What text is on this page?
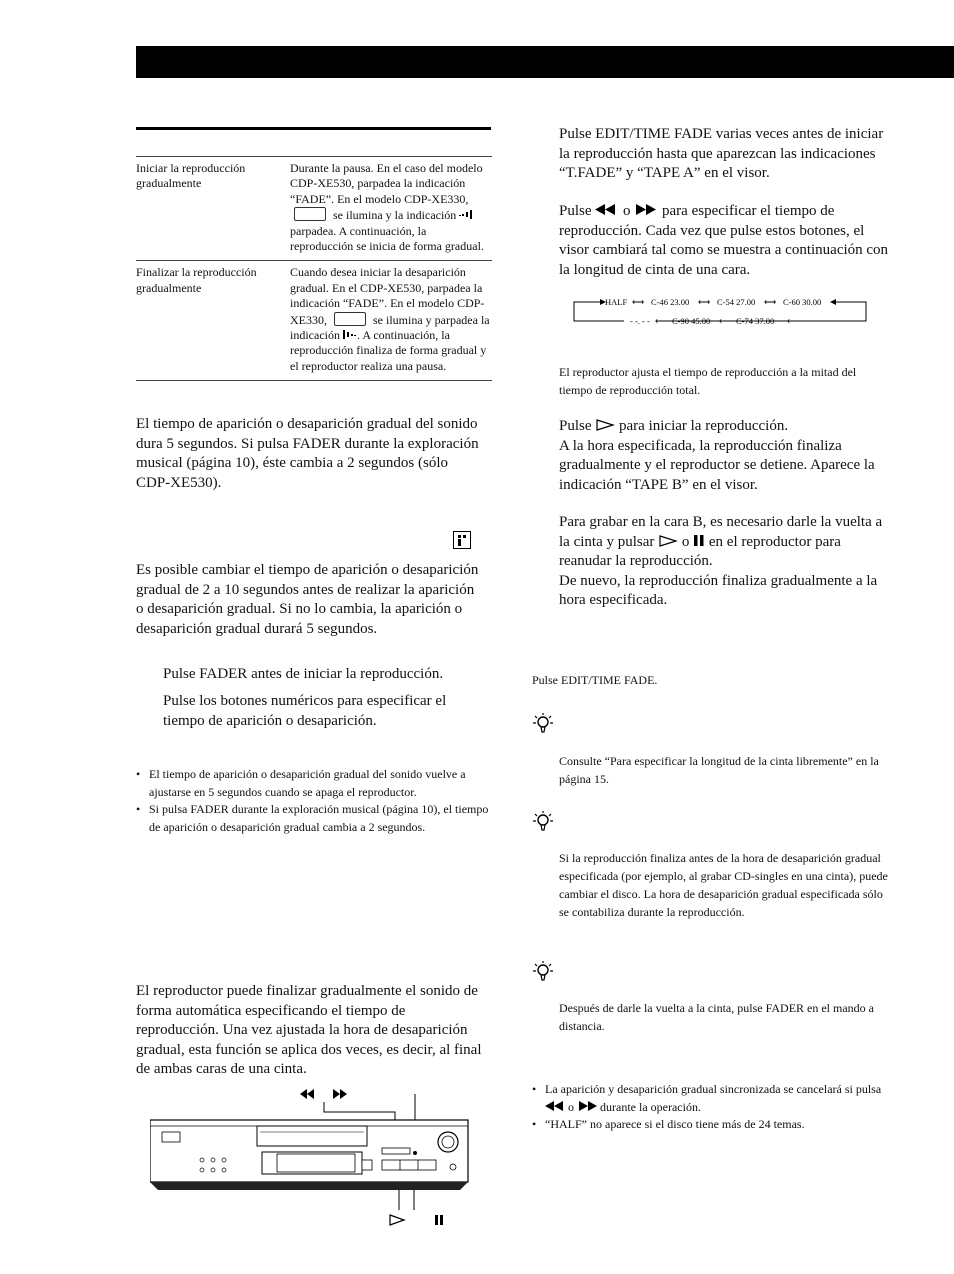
Iniciar la reproducción gradualmente	Durante la pausa. En el caso del modelo CDP-XE530, parpadea la indicación “FADE”. En el modelo CDP-XE330,  se ilumina y la indicación  parpadea. A continuación, la reproducción se inicia de forma gradual.
Finalizar la reproducción gradualmente	Cuando desea iniciar la desaparición gradual. En el CDP-XE530, parpadea la indicación “FADE”. En el modelo CDP-XE330, se ilumina y parpadea la indicación . A continuación, la reproducción finaliza de forma gradual y el reproductor realiza una pausa.
El tiempo de aparición o desaparición gradual del sonido dura 5 segundos. Si pulsa FADER durante la exploración musical (página 10), éste cambia a 2 segundos (sólo CDP-XE530).
Es posible cambiar el tiempo de aparición o desaparición gradual de 2 a 10 segundos antes de realizar la aparición o desaparición gradual. Si no lo cambia, la aparición o desaparición gradual durará 5 segundos.
Pulse FADER antes de iniciar la reproducción.
Pulse los botones numéricos para especificar el tiempo de aparición o desaparición.
• El tiempo de aparición o desaparición gradual del sonido vuelve a ajustarse en 5 segundos cuando se apaga el reproductor.
• Si pulsa FADER durante la exploración musical (página 10), el tiempo de aparición o desaparición gradual cambia a 2 segundos.
El reproductor puede finalizar gradualmente el sonido de forma automática especificando el tiempo de reproducción. Una vez ajustada la hora de desaparición gradual, esta función se aplica dos veces, es decir, al final de ambas caras de una cinta.
Pulse EDIT/TIME FADE varias veces antes de iniciar la reproducción hasta que aparezcan las indicaciones “T.FADE” y “TAPE A” en el visor.
Pulse o para especificar el tiempo de reproducción. Cada vez que pulse estos botones, el visor cambiará tal como se muestra a continuación con la longitud de cinta de una cara.
HALF ⟷ C-46 23.00 ⟷ C-54 27.00 ⟷ C-60 30.00
- -. - - ⟵ C-90 45.00 ⟵ C-74 37.00 ⟵
El reproductor ajusta el tiempo de reproducción a la mitad del tiempo de reproducción total.
Pulse para iniciar la reproducción.
A la hora especificada, la reproducción finaliza gradualmente y el reproductor se detiene. Aparece la indicación “TAPE B” en el visor.
Para grabar en la cara B, es necesario darle la vuelta a la cinta y pulsar o en el reproductor para reanudar la reproducción.
De nuevo, la reproducción finaliza gradualmente a la hora especificada.
Pulse EDIT/TIME FADE.
Consulte “Para especificar la longitud de la cinta libremente” en la página 15.
Si la reproducción finaliza antes de la hora de desaparición gradual especificada (por ejemplo, al grabar CD-singles en una cinta), puede cambiar el disco. La hora de desaparición gradual especificada sólo se contabiliza durante la reproducción.
Después de darle la vuelta a la cinta, pulse FADER en el mando a distancia.
• La aparición y desaparición gradual sincronizada se cancelará si pulsa  o durante la operación.
• “HALF” no aparece si el disco tiene más de 24 temas.
